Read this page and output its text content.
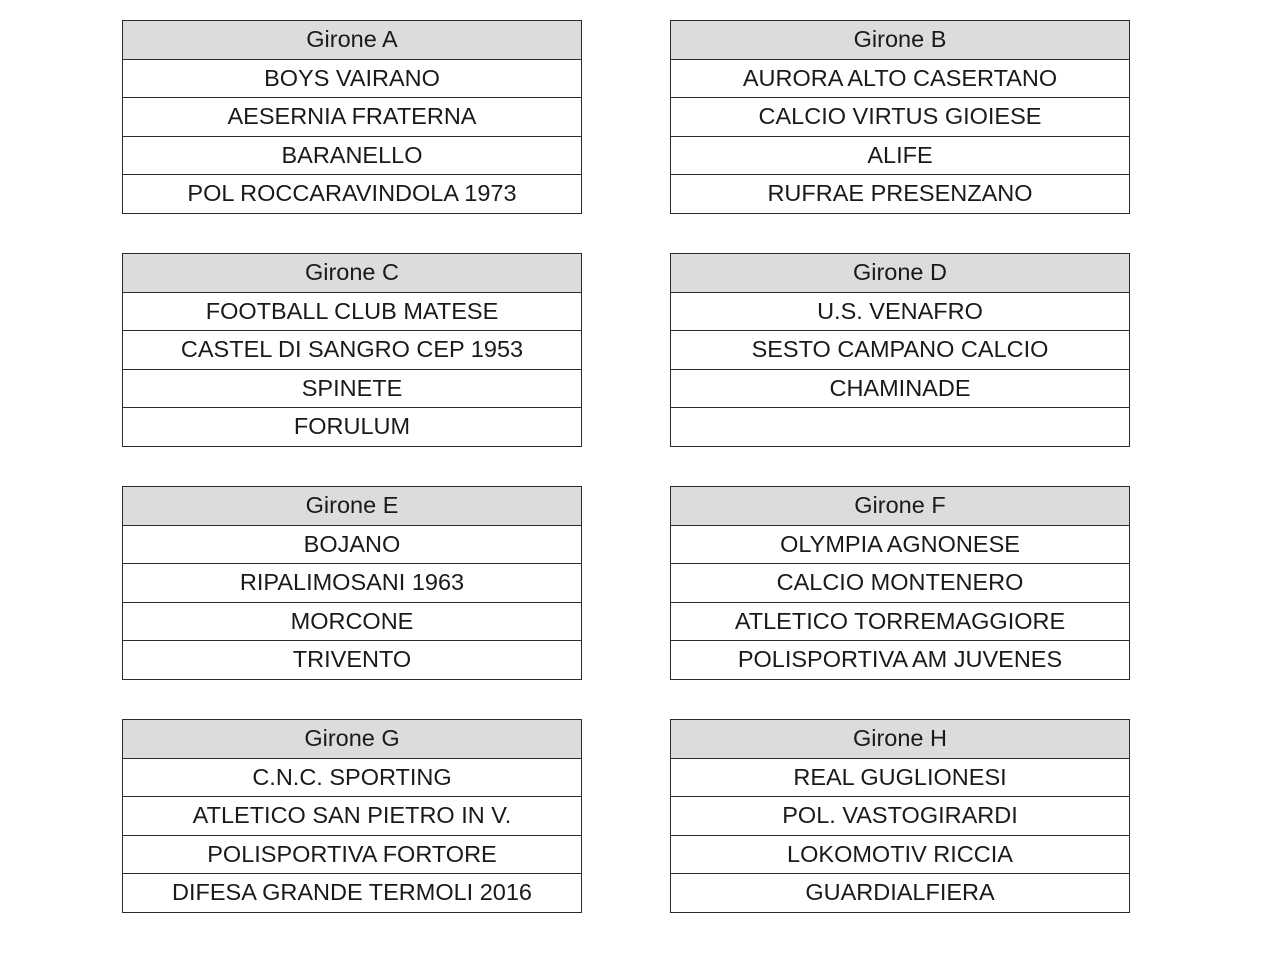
Girone A
BOYS VAIRANO
AESERNIA FRATERNA
BARANELLO
POL ROCCARAVINDOLA 1973
Girone B
AURORA ALTO CASERTANO
CALCIO VIRTUS GIOIESE
ALIFE
RUFRAE PRESENZANO
Girone C
FOOTBALL CLUB MATESE
CASTEL DI SANGRO CEP 1953
SPINETE
FORULUM
Girone D
U.S. VENAFRO
SESTO CAMPANO CALCIO
CHAMINADE

Girone E
BOJANO
RIPALIMOSANI 1963
MORCONE
TRIVENTO
Girone F
OLYMPIA AGNONESE
CALCIO MONTENERO
ATLETICO TORREMAGGIORE
POLISPORTIVA AM JUVENES
Girone G
C.N.C. SPORTING
ATLETICO SAN PIETRO IN V.
POLISPORTIVA FORTORE
DIFESA GRANDE TERMOLI 2016
Girone H
REAL GUGLIONESI
POL. VASTOGIRARDI
LOKOMOTIV RICCIA
GUARDIALFIERA
